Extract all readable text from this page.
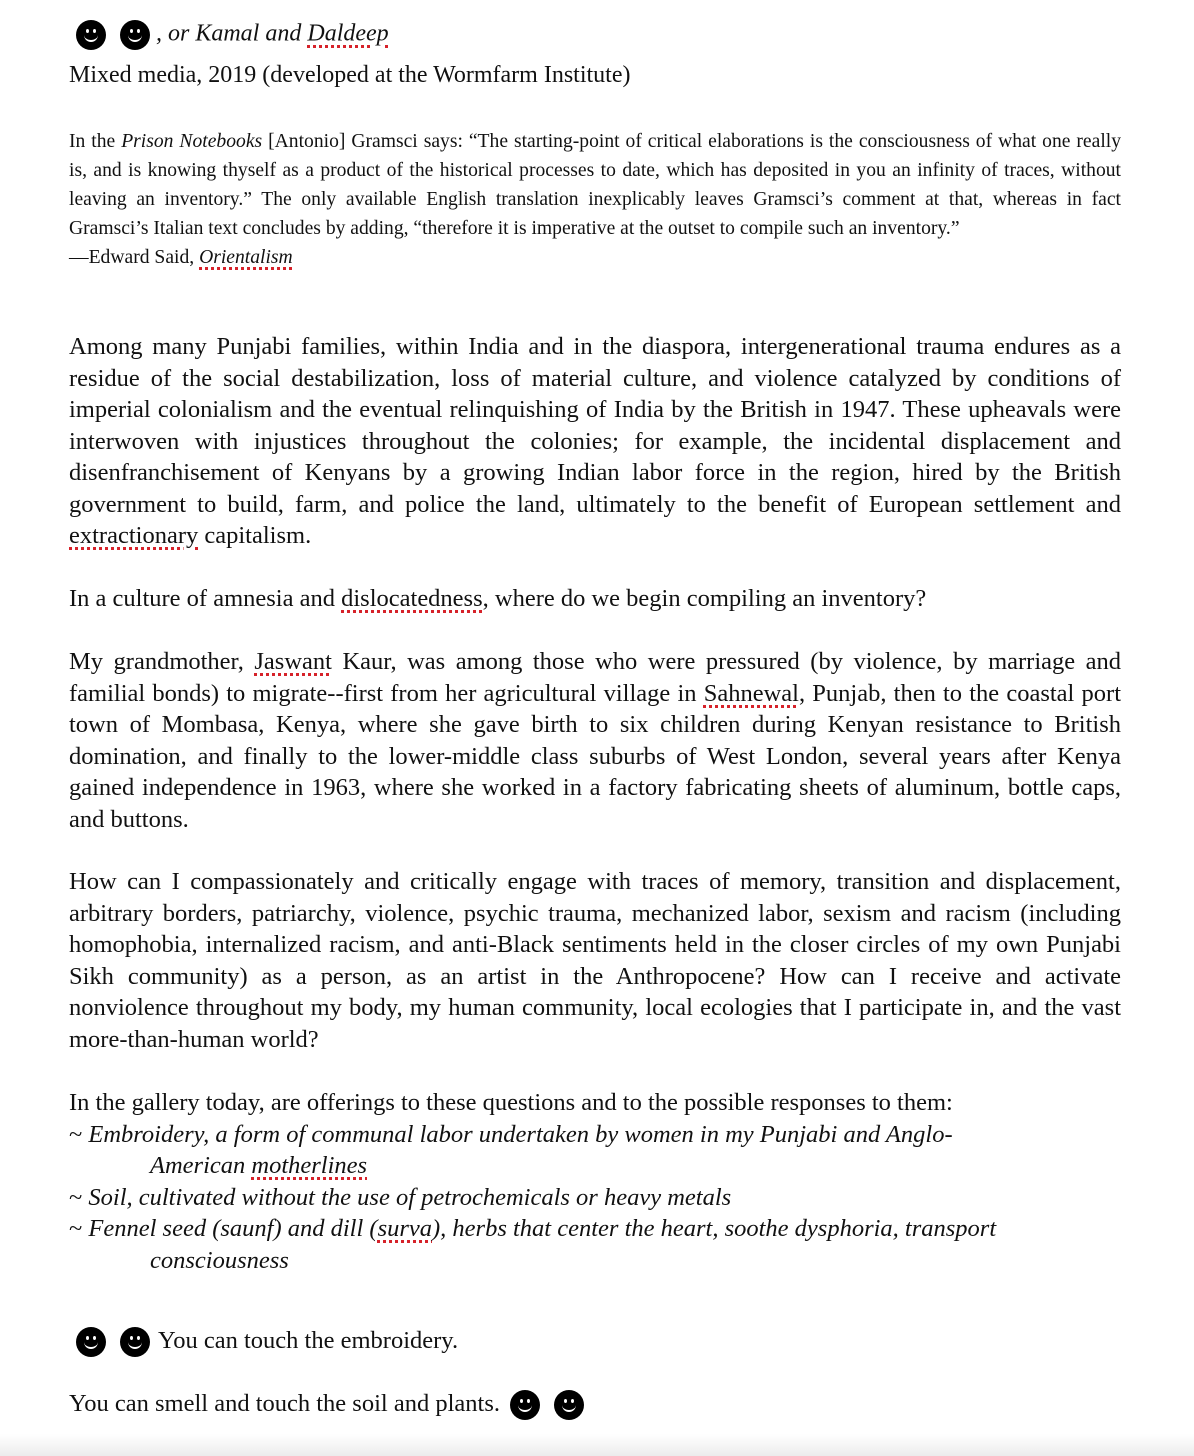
, or Kamal and Daldeep
Mixed media, 2019 (developed at the Wormfarm Institute)
In the Prison Notebooks [Antonio] Gramsci says: “The starting-point of critical elaborations is the consciousness of what one really is, and is knowing thyself as a product of the historical processes to date, which has deposited in you an infinity of traces, without leaving an inventory.” The only available English translation inexplicably leaves Gramsci’s comment at that, whereas in fact Gramsci’s Italian text concludes by adding, “therefore it is imperative at the outset to compile such an inventory.”
—Edward Said, Orientalism
Among many Punjabi families, within India and in the diaspora, intergenerational trauma endures as a residue of the social destabilization, loss of material culture, and violence catalyzed by conditions of imperial colonialism and the eventual relinquishing of India by the British in 1947. These upheavals were interwoven with injustices throughout the colonies; for example, the incidental displacement and disenfranchisement of Kenyans by a growing Indian labor force in the region, hired by the British government to build, farm, and police the land, ultimately to the benefit of European settlement and extractionary capitalism.
In a culture of amnesia and dislocatedness, where do we begin compiling an inventory?
My grandmother, Jaswant Kaur, was among those who were pressured (by violence, by marriage and familial bonds) to migrate--first from her agricultural village in Sahnewal, Punjab, then to the coastal port town of Mombasa, Kenya, where she gave birth to six children during Kenyan resistance to British domination, and finally to the lower-middle class suburbs of West London, several years after Kenya gained independence in 1963, where she worked in a factory fabricating sheets of aluminum, bottle caps, and buttons.
How can I compassionately and critically engage with traces of memory, transition and displacement, arbitrary borders, patriarchy, violence, psychic trauma, mechanized labor, sexism and racism (including homophobia, internalized racism, and anti-Black sentiments held in the closer circles of my own Punjabi Sikh community) as a person, as an artist in the Anthropocene? How can I receive and activate nonviolence throughout my body, my human community, local ecologies that I participate in, and the vast more-than-human world?
In the gallery today, are offerings to these questions and to the possible responses to them:
~ Embroidery, a form of communal labor undertaken by women in my Punjabi and Anglo-
American motherlines
~ Soil, cultivated without the use of petrochemicals or heavy metals
~ Fennel seed (saunf) and dill (surva), herbs that center the heart, soothe dysphoria, transport
consciousness
You can touch the embroidery.
You can smell and touch the soil and plants.
